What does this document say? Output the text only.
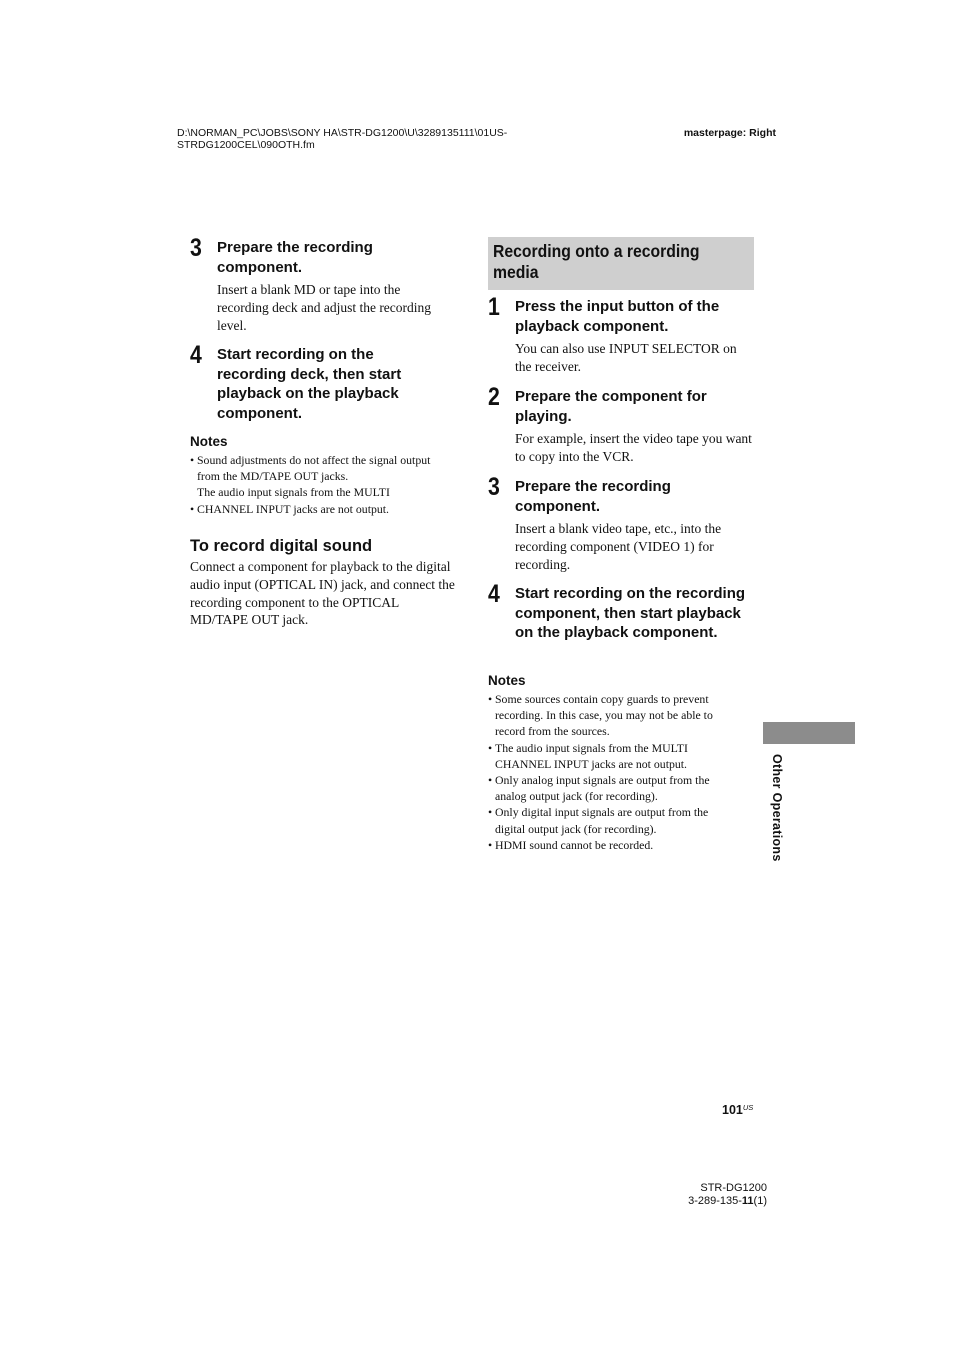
D:\NORMAN_PC\JOBS\SONY HA\STR-DG1200\U\3289135111\01US-
STRDG1200CEL\090OTH.fm
masterpage: Right
3 Prepare the recording component.
Insert a blank MD or tape into the recording deck and adjust the recording level.
4 Start recording on the recording deck, then start playback on the playback component.
Notes
• Sound adjustments do not affect the signal output from the MD/TAPE OUT jacks.
•The audio input signals from the MULTI CHANNEL INPUT jacks are not output.
To record digital sound
Connect a component for playback to the digital audio input (OPTICAL IN) jack, and connect the recording component to the OPTICAL MD/TAPE OUT jack.
Recording onto a recording media
1 Press the input button of the playback component.
You can also use INPUT SELECTOR on the receiver.
2 Prepare the component for playing.
For example, insert the video tape you want to copy into the VCR.
3 Prepare the recording component.
Insert a blank video tape, etc., into the recording component (VIDEO 1) for recording.
4 Start recording on the recording component, then start playback on the playback component.
Notes
• Some sources contain copy guards to prevent recording. In this case, you may not be able to record from the sources.
• The audio input signals from the MULTI CHANNEL INPUT jacks are not output.
• Only analog input signals are output from the analog output jack (for recording).
• Only digital input signals are output from the digital output jack (for recording).
• HDMI sound cannot be recorded.	Other Operations
$101^{US}$
STR-DG1200
3-289-135-11(1)
